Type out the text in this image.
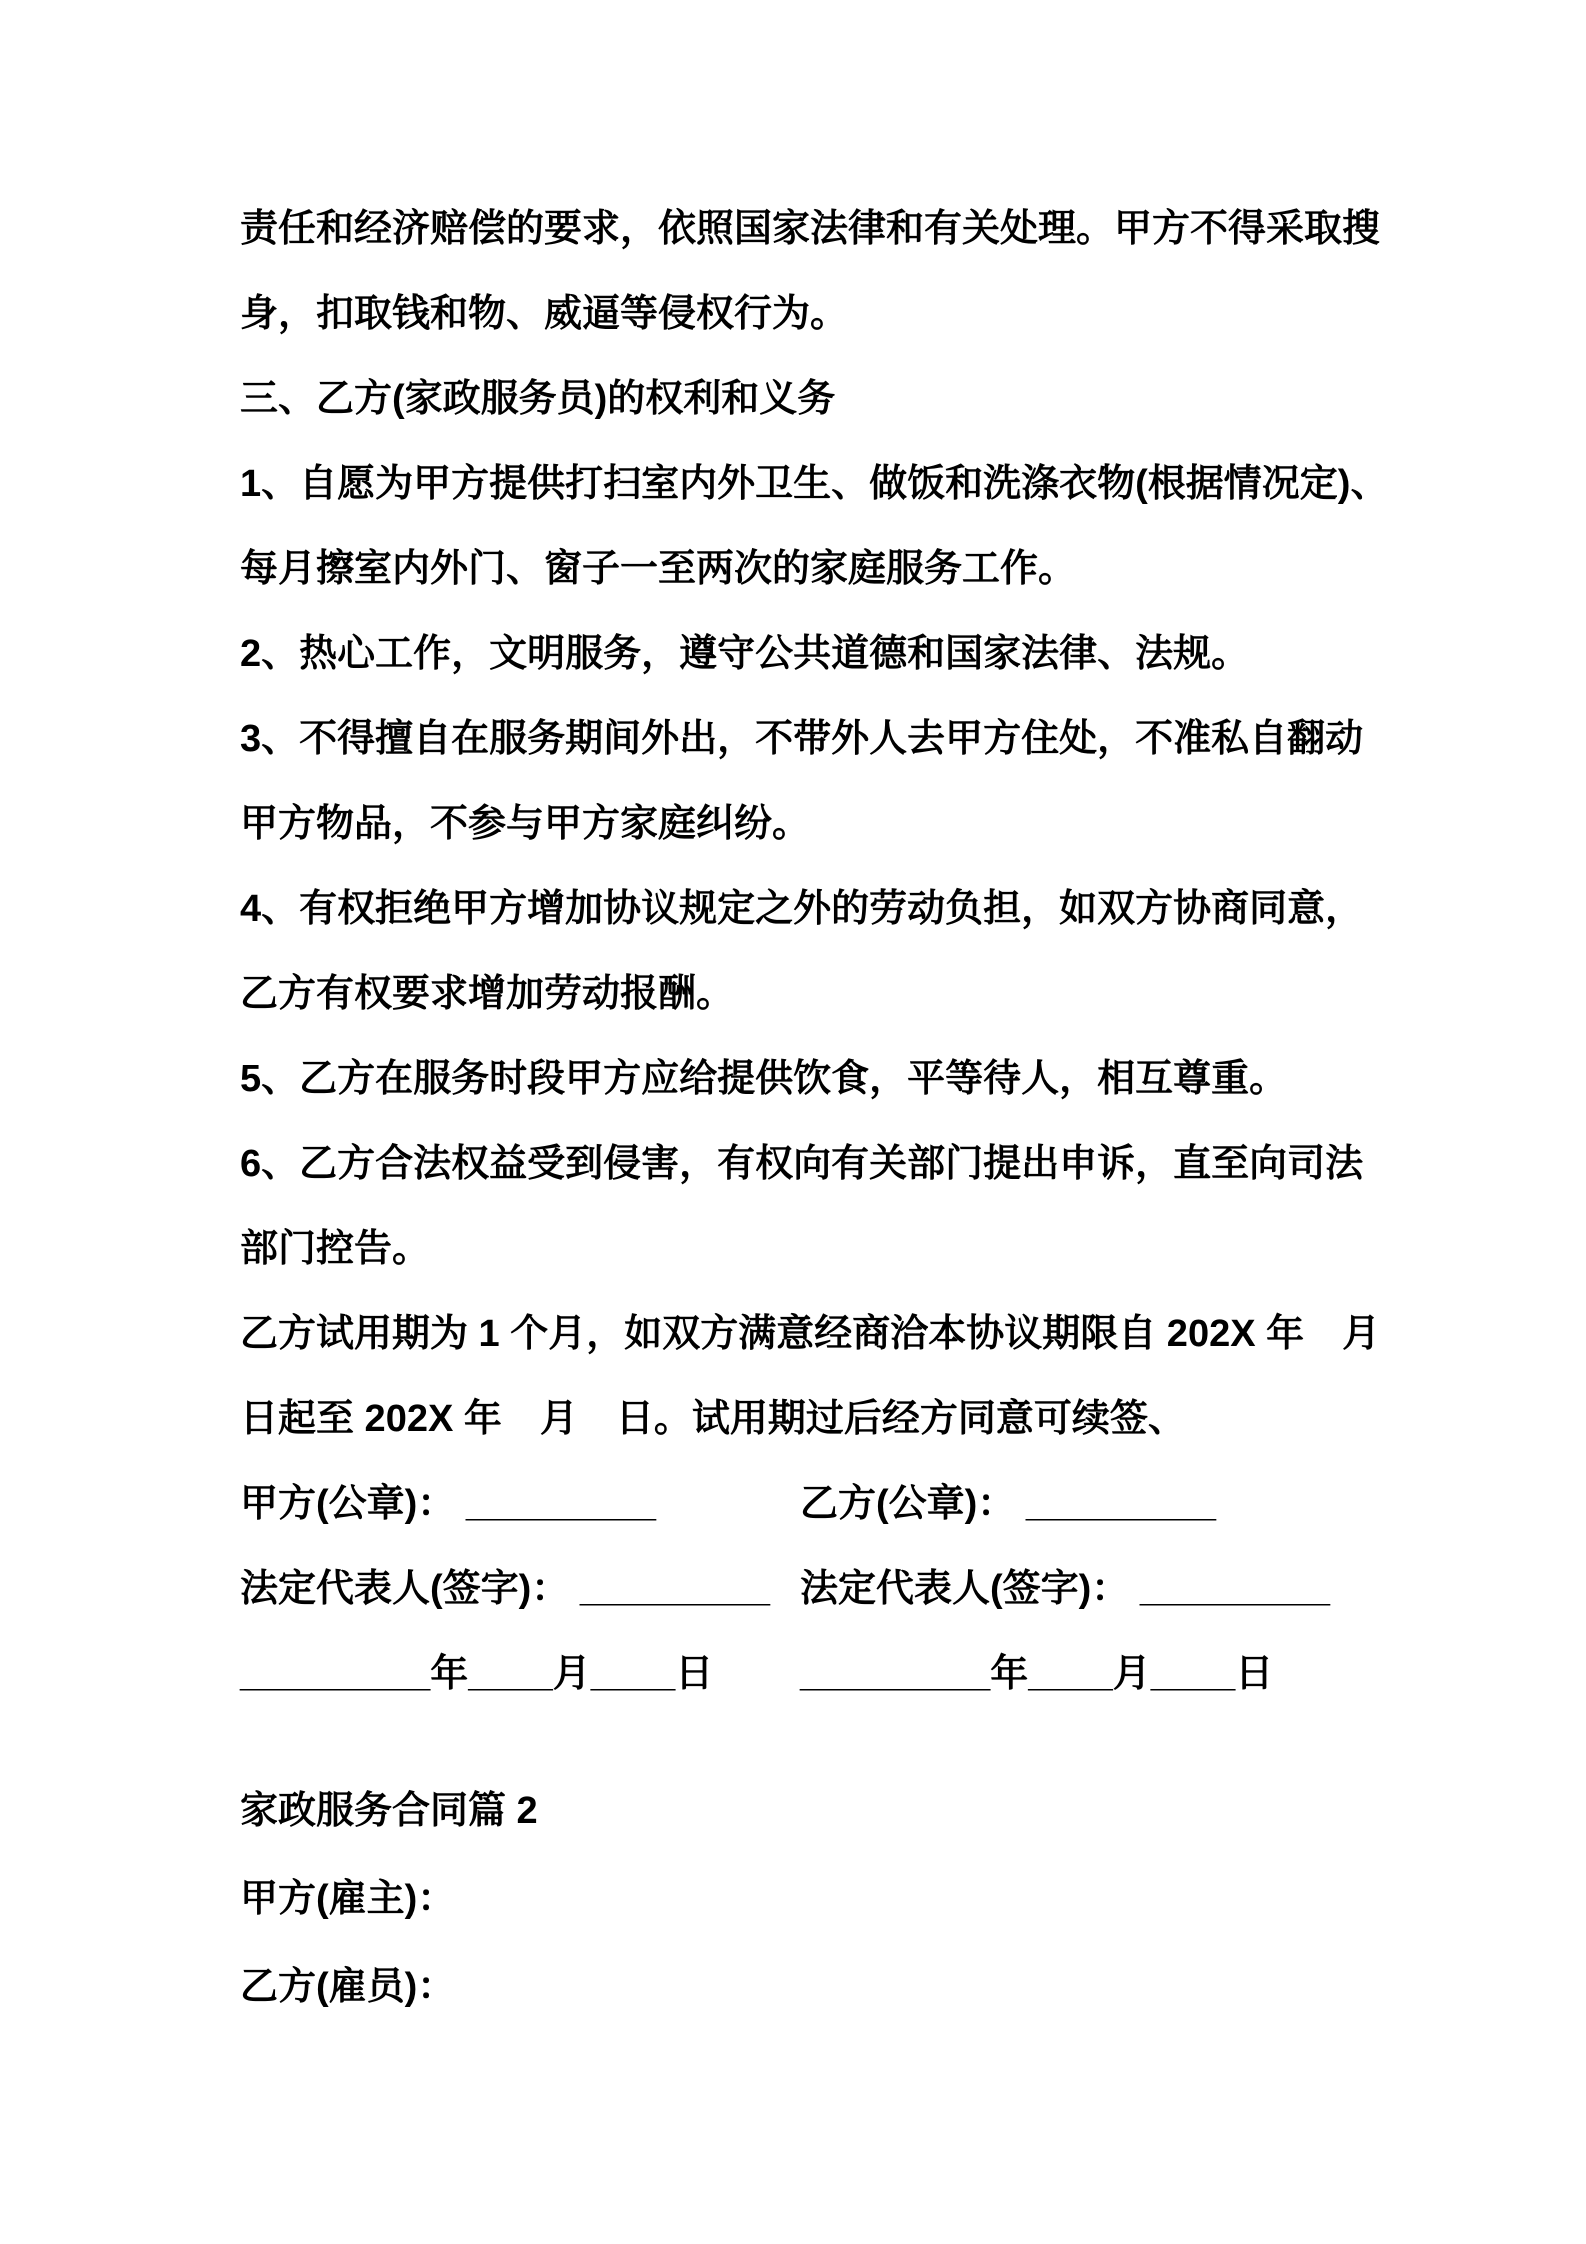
责任和经济赔偿的要求，依照国家法律和有关处理。甲方不得采取搜
身，扣取钱和物、威逼等侵权行为。
三、乙方(家政服务员)的权利和义务
1、自愿为甲方提供打扫室内外卫生、做饭和洗涤衣物(根据情况定)、
每月擦室内外门、窗子一至两次的家庭服务工作。
2、热心工作，文明服务，遵守公共道德和国家法律、法规。
3、不得擅自在服务期间外出，不带外人去甲方住处，不准私自翻动
甲方物品，不参与甲方家庭纠纷。
4、有权拒绝甲方增加协议规定之外的劳动负担，如双方协商同意，
乙方有权要求增加劳动报酬。
5、乙方在服务时段甲方应给提供饮食，平等待人，相互尊重。
6、乙方合法权益受到侵害，有权向有关部门提出申诉，直至向司法
部门控告。
乙方试用期为 1 个月，如双方满意经商洽本协议期限自 202X 年　月
日起至 202X 年　月　日。试用期过后经方同意可续签、
甲方(公章)： _________	乙方(公章)： _________
法定代表人(签字)： _________ 法定代表人(签字)： _________
_________年____月____日	_________年____月____日
家政服务合同篇 2
甲方(雇主)：
乙方(雇员)：
